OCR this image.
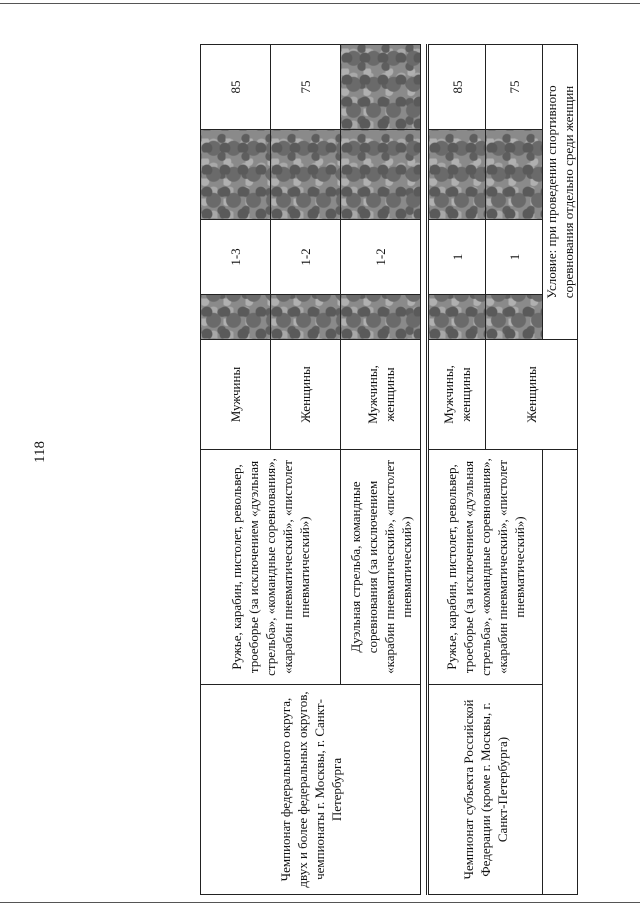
118

Чемпионат федерального округа, двух и более федеральных округов, чемпионаты г. Москвы, г. Санкт-Петербурга	Ружье, карабин, пистолет, револьвер, троеборье (за исключением «дуэльная стрельба», «командные соревнования», «карабин пневматический», «пистолет пневматический»)	Мужчины		1-3		85
		Женщины		1-2		75
	Дуэльная стрельба, командные соревнования (за исключением «карабин пневматический», «пистолет пневматический»)	Мужчины, женщины		1-2		

Чемпионат субъекта Российской Федерации (кроме г. Москвы, г. Санкт-Петербурга)	Ружье, карабин, пистолет, револьвер, троеборье (за исключением «дуэльная стрельба», «командные соревнования», «карабин пневматический», «пистолет пневматический»)	Мужчины, женщины		1		85
		Женщины		1		75
			Условие: при проведении спортивного соревнования отдельно среди женщин			
